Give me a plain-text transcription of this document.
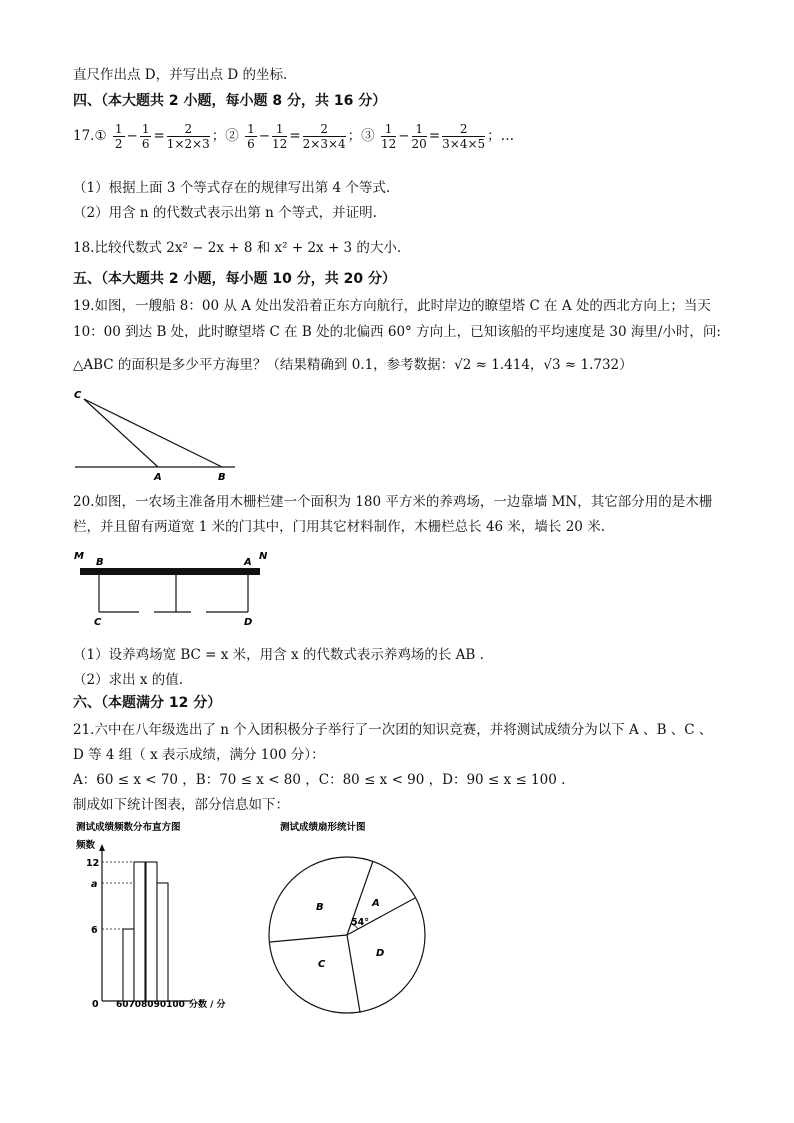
直尺作出点 D，并写出点 D 的坐标.
四、（本大题共 2 小题，每小题 8 分，共 16 分）
17.① $\frac{1}{2} - \frac{1}{6} = \frac{2}{1\times 2\times 3}$ ；② $\frac{1}{6} - \frac{1}{12} = \frac{2}{2\times 3\times 4}$ ；③ $\frac{1}{12} - \frac{1}{20} = \frac{2}{3\times 4\times 5}$ ；…
（1）根据上面 3 个等式存在的规律写出第 4 个等式.
（2）用含 n 的代数式表示出第 n 个等式，并证明.
18.比较代数式 2x² − 2x + 8 和 x² + 2x + 3 的大小.
五、（本大题共 2 小题，每小题 10 分，共 20 分）
19.如图，一艘船 8：00 从 A 处出发沿着正东方向航行，此时岸边的瞭望塔 C 在 A 处的西北方向上；当天
10：00 到达 B 处，此时瞭望塔 C 在 B 处的北偏西 60° 方向上，已知该船的平均速度是 30 海里/小时，问:
△ABC 的面积是多少平方海里？（结果精确到 0.1，参考数据：√2 ≈ 1.414，√3 ≈ 1.732）
C
A	B
20.如图，一农场主准备用木栅栏建一个面积为 180 平方米的养鸡场，一边靠墙 MN，其它部分用的是木栅
栏，并且留有两道宽 1 米的门其中，门用其它材料制作，木栅栏总长 46 米，墙长 20 米.
M
B	A
N
C	D
（1）设养鸡场宽 BC = x 米，用含 x 的代数式表示养鸡场的长 AB .
（2）求出 x 的值.
六、（本题满分 12 分）
21.六中在八年级选出了 n 个入团积极分子举行了一次团的知识竞赛，并将测试成绩分为以下 A 、B 、C 、
D 等 4 组（ x 表示成绩，满分 100 分）：
A：60 ≤ x < 70 ，B：70 ≤ x < 80 ，C：80 ≤ x < 90 ，D：90 ≤ x ≤ 100 .
制成如下统计图表，部分信息如下：
测试成绩频数分布直方图
频数
12
a
6
0 60708090100 分数 / 分
测试成绩扇形统计图
54°
A
B
C
D
